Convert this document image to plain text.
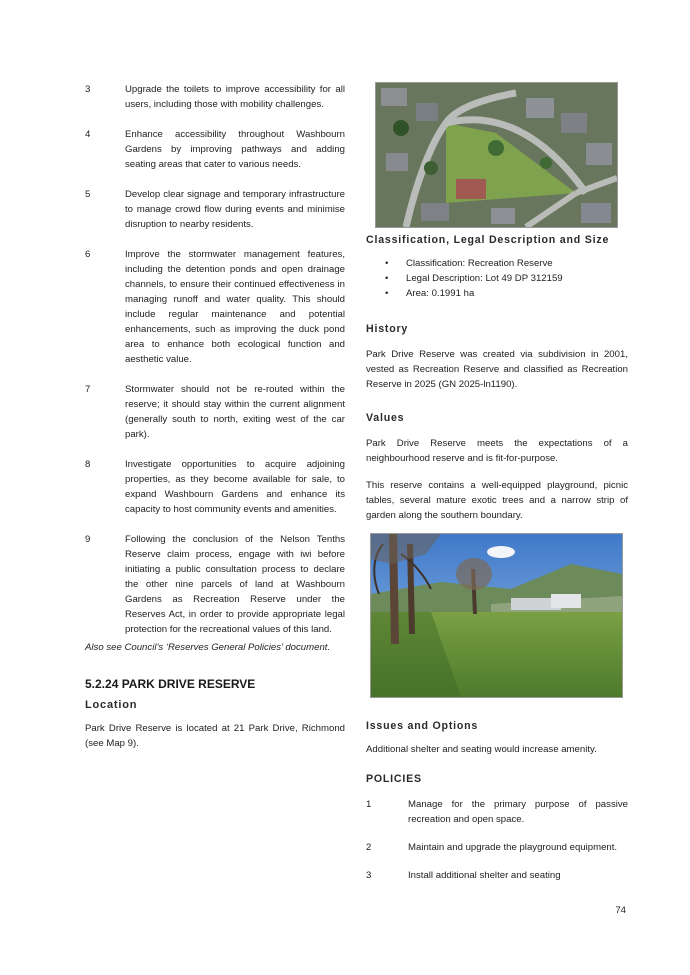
3	Upgrade the toilets to improve accessibility for all users, including those with mobility challenges.
4	Enhance accessibility throughout Washbourn Gardens by improving pathways and adding seating areas that cater to various needs.
5	Develop clear signage and temporary infrastructure to manage crowd flow during events and minimise disruption to nearby residents.
6	Improve the stormwater management features, including the detention ponds and open drainage channels, to ensure their continued effectiveness in managing runoff and water quality. This should include regular maintenance and potential enhancements, such as improving the duck pond area to enhance both ecological function and aesthetic value.
7	Stormwater should not be re-routed within the reserve; it should stay within the current alignment (generally south to north, exiting west of the car park).
8	Investigate opportunities to acquire adjoining properties, as they become available for sale, to expand Washbourn Gardens and enhance its capacity to host community events and amenities.
9	Following the conclusion of the Nelson Tenths Reserve claim process, engage with iwi before initiating a public consultation process to declare the other nine parcels of land at Washbourn Gardens as Recreation Reserve under the Reserves Act, in order to provide appropriate legal protection for the recreational values of this land.
Also see Council’s ‘Reserves General Policies’ document.
5.2.24 PARK DRIVE RESERVE
Location
Park Drive Reserve is located at 21 Park Drive, Richmond (see Map 9).
Classification, Legal Description and Size
• Classification: Recreation Reserve
• Legal Description: Lot 49 DP 312159
• Area: 0.1991 ha
History
Park Drive Reserve was created via subdivision in 2001, vested as Recreation Reserve and classified as Recreation Reserve in 2025 (GN 2025-ln1190).
Values
Park Drive Reserve meets the expectations of a neighbourhood reserve and is fit-for-purpose.
This reserve contains a well-equipped playground, picnic tables, several mature exotic trees and a narrow strip of garden along the southern boundary.
Issues and Options
Additional shelter and seating would increase amenity.
POLICIES
1	Manage for the primary purpose of passive recreation and open space.
2	Maintain and upgrade the playground equipment.
3	Install additional shelter and seating
74
